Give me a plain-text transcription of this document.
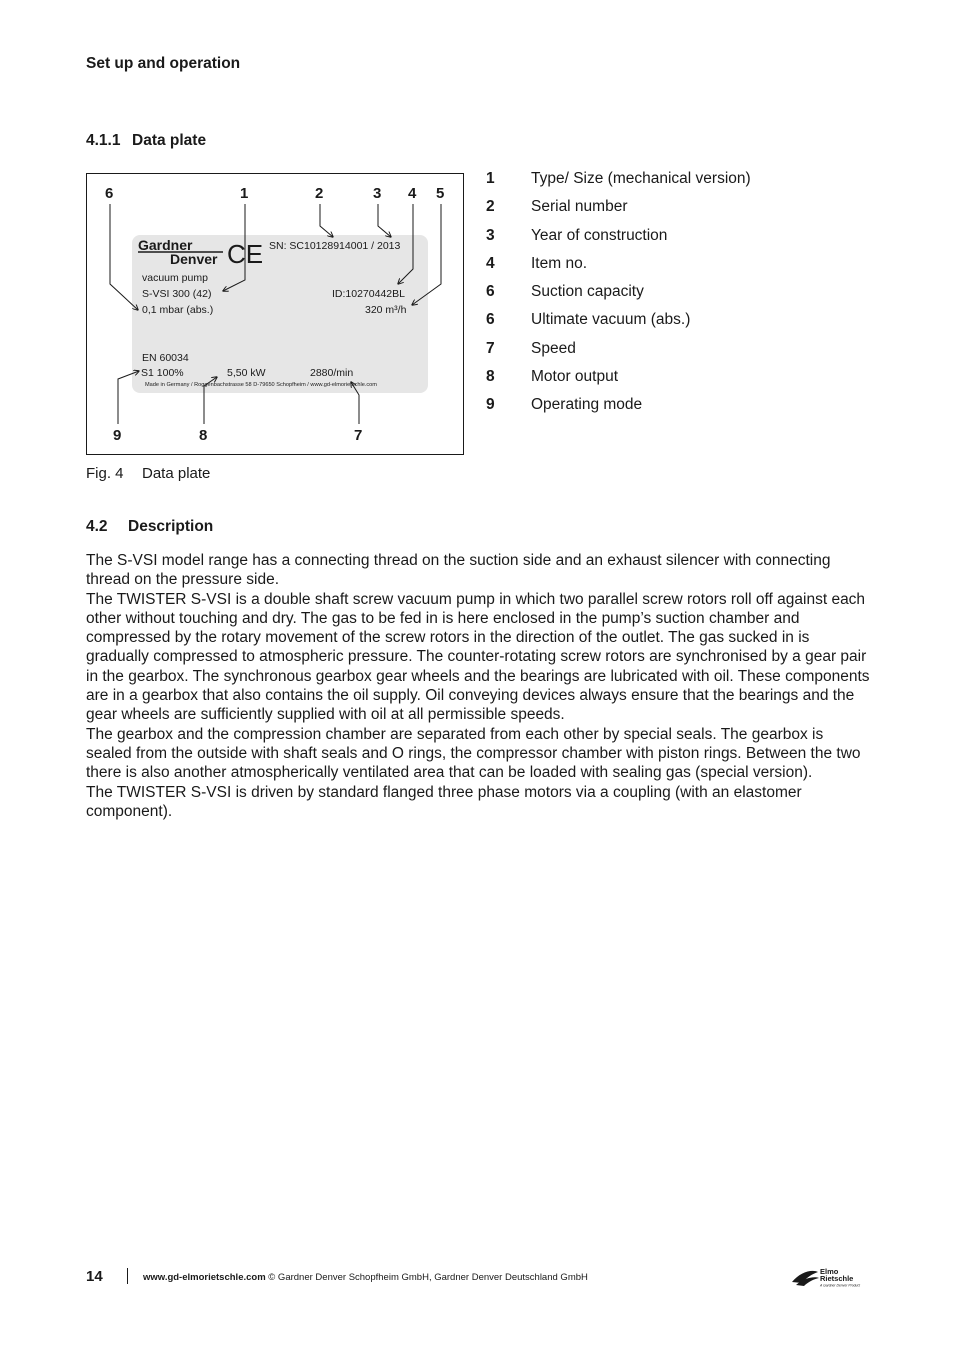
Set up and operation
4.1.1 Data plate
Gardner
Denver CE SN: SC10128914001 / 2013
vacuum pump
S-VSI 300 (42)	ID:10270442BL
0,1 mbar (abs.)	320 m³/h
EN 60034
S1 100%	5,50 kW	2880/min
Made in Germany / Roggenbachstrasse 58 D-79650 Schopfheim / www.gd-elmorietschle.com
6	1	2	3 4 5
9	8	7
Fig. 4 Data plate
1 Type/ Size (mechanical version)
2 Serial number
3 Year of construction
4 Item no.
6 Suction capacity
6 Ultimate vacuum (abs.)
7 Speed
8 Motor output
9 Operating mode
4.2 Description

The S-VSI model range has a connecting thread on the suction side and an exhaust silencer with connecting thread on the pressure side.

The TWISTER S-VSI is a double shaft screw vacuum pump in which two parallel screw rotors roll off against each other without touching and dry. The gas to be fed in is here enclosed in the pump’s suction chamber and compressed by the rotary movement of the screw rotors in the direction of the outlet. The gas sucked in is gradually compressed to atmospheric pressure. The counter-rotating screw rotors are synchronised by a gear pair in the gearbox. The synchronous gearbox gear wheels and the bearings are lubricated with oil. These components are in a gearbox that also contains the oil supply. Oil conveying devices always ensure that the bearings and the gear wheels are sufficiently supplied with oil at all permissible speeds.

The gearbox and the compression chamber are separated from each other by special seals. The gearbox is sealed from the outside with shaft seals and O rings, the compressor chamber with piston rings. Between the two there is also another atmospherically ventilated area that can be loaded with sealing gas (special version).

The TWISTER S-VSI is driven by standard flanged three phase motors via a coupling (with an elastomer component).

14	www.gd-elmorietschle.com © Gardner Denver Schopfheim GmbH, Gardner Denver Deutschland GmbH
Elmo
Rietschle
A Gardner Denver Product
